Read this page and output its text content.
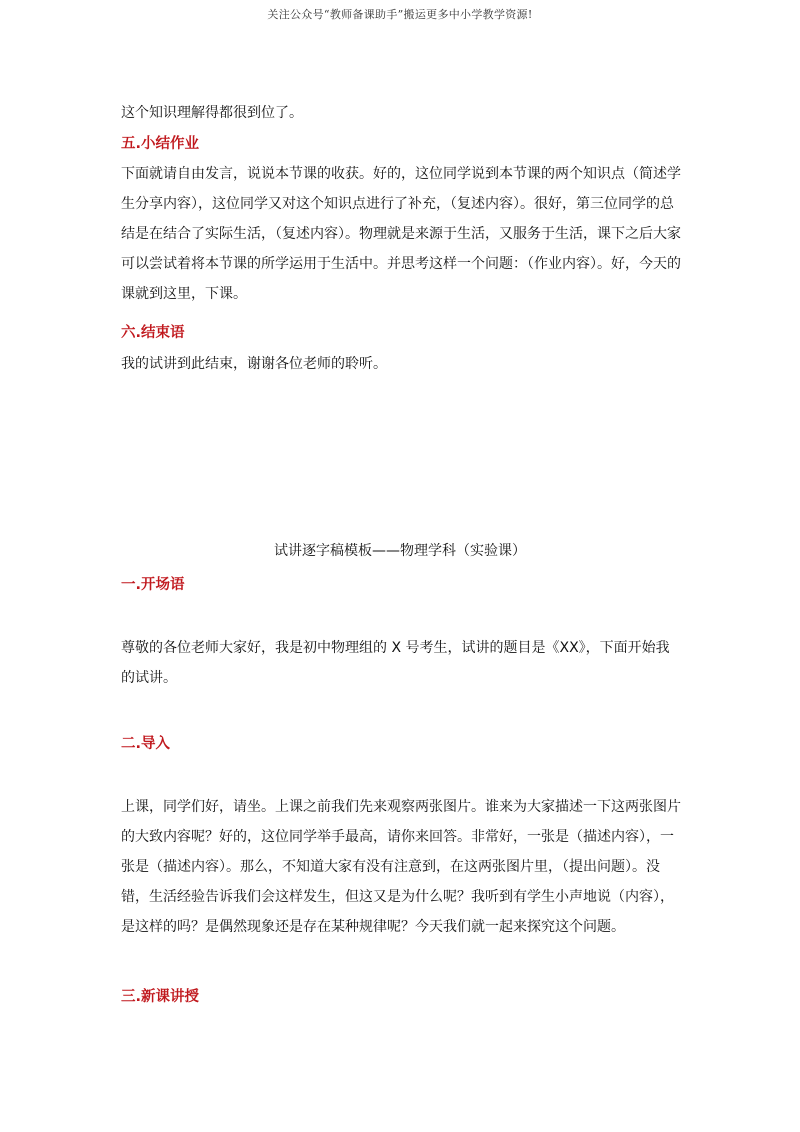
关注公众号“教师备课助手”搬运更多中小学教学资源!
这个知识理解得都很到位了。
五.小结作业
下面就请自由发言，说说本节课的收获。好的，这位同学说到本节课的两个知识点（简述学生分享内容），这位同学又对这个知识点进行了补充，（复述内容）。很好，第三位同学的总结是在结合了实际生活，（复述内容）。物理就是来源于生活，又服务于生活，课下之后大家可以尝试着将本节课的所学运用于生活中。并思考这样一个问题：（作业内容）。好，今天的课就到这里，下课。
六.结束语
我的试讲到此结束，谢谢各位老师的聆听。
试讲逐字稿模板——物理学科（实验课）
一.开场语
尊敬的各位老师大家好，我是初中物理组的 X 号考生，试讲的题目是《XX》，下面开始我的试讲。
二.导入
上课，同学们好，请坐。上课之前我们先来观察两张图片。谁来为大家描述一下这两张图片的大致内容呢？好的，这位同学举手最高，请你来回答。非常好，一张是（描述内容），一张是（描述内容）。那么，不知道大家有没有注意到，在这两张图片里，（提出问题）。没错，生活经验告诉我们会这样发生，但这又是为什么呢？我听到有学生小声地说（内容），是这样的吗？是偶然现象还是存在某种规律呢？今天我们就一起来探究这个问题。
三.新课讲授
